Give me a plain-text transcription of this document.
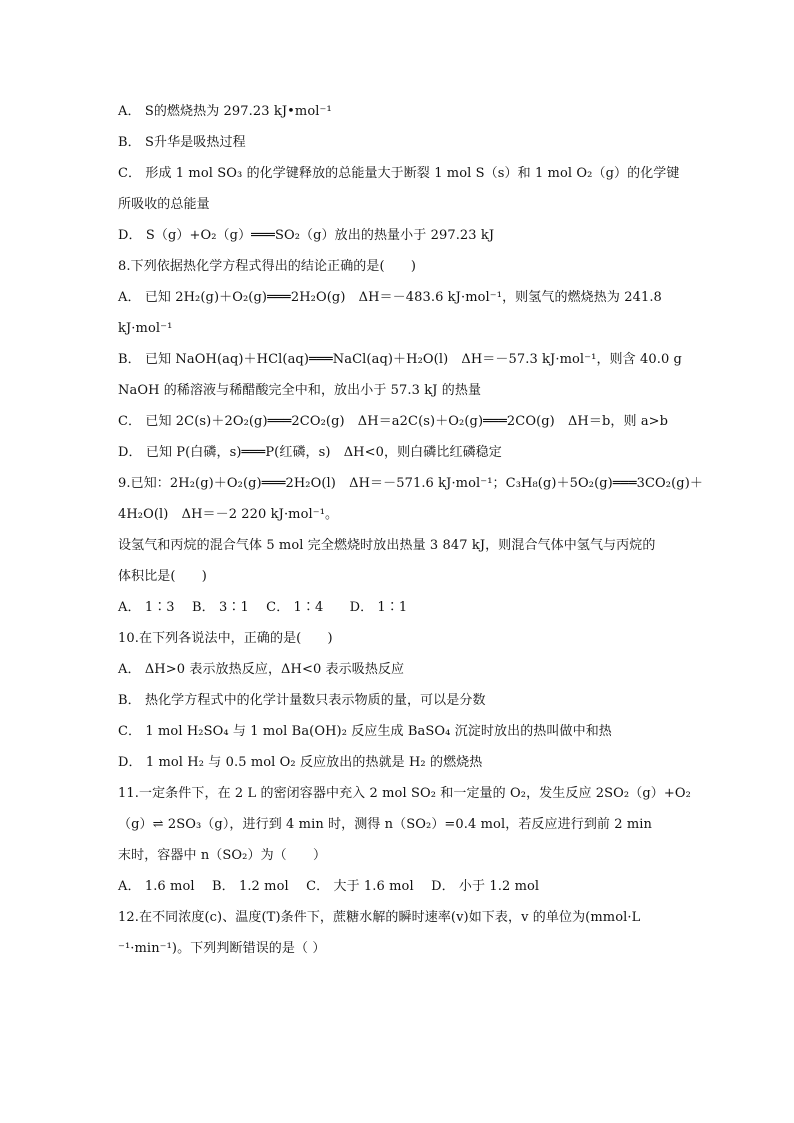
A． S的燃烧热为 297.23 kJ•mol⁻¹
B． S升华是吸热过程
C． 形成 1 mol SO₃ 的化学键释放的总能量大于断裂 1 mol S（s）和 1 mol O₂（g）的化学键
所吸收的总能量
D． S（g）+O₂（g）═══SO₂（g）放出的热量小于 297.23 kJ
8.下列依据热化学方程式得出的结论正确的是(　　)
A． 已知 2H₂(g)＋O₂(g)═══2H₂O(g)　ΔH＝－483.6 kJ·mol⁻¹，则氢气的燃烧热为 241.8
kJ·mol⁻¹
B． 已知 NaOH(aq)＋HCl(aq)═══NaCl(aq)＋H₂O(l)　ΔH＝－57.3 kJ·mol⁻¹，则含 40.0 g
NaOH 的稀溶液与稀醋酸完全中和，放出小于 57.3 kJ 的热量
C． 已知 2C(s)＋2O₂(g)═══2CO₂(g)　ΔH＝a2C(s)＋O₂(g)═══2CO(g)　ΔH＝b，则 a>b
D． 已知 P(白磷，s)═══P(红磷，s)　ΔH<0，则白磷比红磷稳定
9.已知：2H₂(g)＋O₂(g)═══2H₂O(l)　ΔH＝－571.6 kJ·mol⁻¹；C₃H₈(g)＋5O₂(g)═══3CO₂(g)＋
4H₂O(l)　ΔH＝－2 220 kJ·mol⁻¹。
设氢气和丙烷的混合气体 5 mol 完全燃烧时放出热量 3 847 kJ，则混合气体中氢气与丙烷的
体积比是(　　)
A． 1∶3　 B． 3∶1　 C． 1∶4　　D． 1∶1
10.在下列各说法中，正确的是(　　)
A． ΔH>0 表示放热反应，ΔH<0 表示吸热反应
B． 热化学方程式中的化学计量数只表示物质的量，可以是分数
C． 1 mol H₂SO₄ 与 1 mol Ba(OH)₂ 反应生成 BaSO₄ 沉淀时放出的热叫做中和热
D． 1 mol H₂ 与 0.5 mol O₂ 反应放出的热就是 H₂ 的燃烧热
11.一定条件下，在 2 L 的密闭容器中充入 2 mol SO₂ 和一定量的 O₂，发生反应 2SO₂（g）+O₂
（g）⇌ 2SO₃（g），进行到 4 min 时，测得 n（SO₂）=0.4 mol，若反应进行到前 2 min
末时，容器中 n（SO₂）为（　　）
A． 1.6 mol　 B． 1.2 mol　 C． 大于 1.6 mol　 D． 小于 1.2 mol
12.在不同浓度(c)、温度(T)条件下，蔗糖水解的瞬时速率(v)如下表，v 的单位为(mmol·L
⁻¹·min⁻¹)。下列判断错误的是（ ）
